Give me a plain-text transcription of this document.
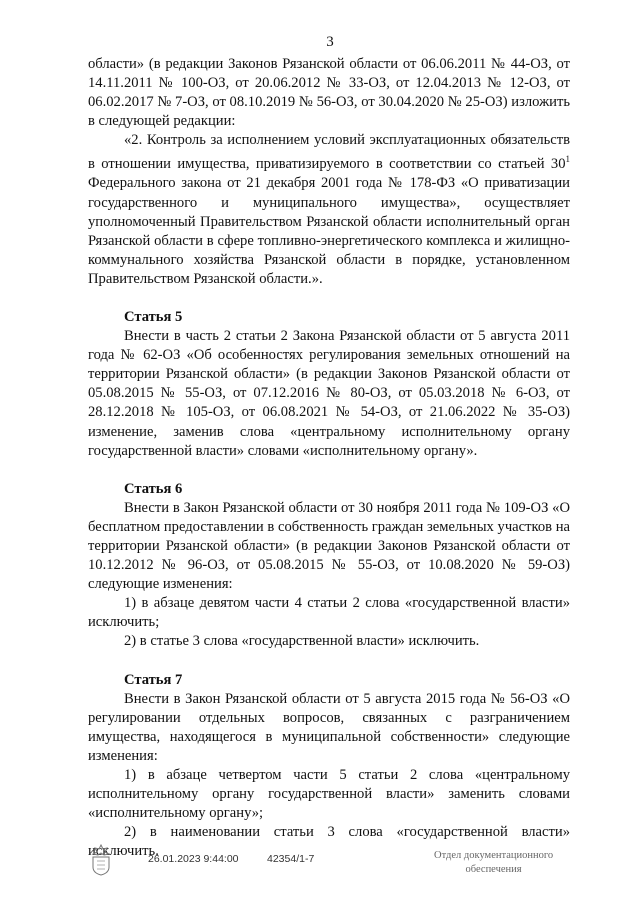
3

области» (в редакции Законов Рязанской области от 06.06.2011 № 44-ОЗ, от 14.11.2011 № 100-ОЗ, от 20.06.2012 № 33-ОЗ, от 12.04.2013 № 12-ОЗ, от 06.02.2017 № 7-ОЗ, от 08.10.2019 № 56-ОЗ, от 30.04.2020 № 25-ОЗ) изложить в следующей редакции:

«2. Контроль за исполнением условий эксплуатационных обязательств в отношении имущества, приватизируемого в соответствии со статьей $30^1$ Федерального закона от 21 декабря 2001 года № 178-ФЗ «О приватизации государственного и муниципального имущества», осуществляет уполномоченный Правительством Рязанской области исполнительный орган Рязанской области в сфере топливно-энергетического комплекса и жилищно-коммунального хозяйства Рязанской области в порядке, установленном Правительством Рязанской области.».

Статья 5

Внести в часть 2 статьи 2 Закона Рязанской области от 5 августа 2011 года № 62-ОЗ «Об особенностях регулирования земельных отношений на территории Рязанской области» (в редакции Законов Рязанской области от 05.08.2015 № 55-ОЗ, от 07.12.2016 № 80-ОЗ, от 05.03.2018 № 6-ОЗ, от 28.12.2018 № 105-ОЗ, от 06.08.2021 № 54-ОЗ, от 21.06.2022 № 35-ОЗ) изменение, заменив слова «центральному исполнительному органу государственной власти» словами «исполнительному органу».

Статья 6

Внести в Закон Рязанской области от 30 ноября 2011 года № 109-ОЗ «О бесплатном предоставлении в собственность граждан земельных участков на территории Рязанской области» (в редакции Законов Рязанской области от 10.12.2012 № 96-ОЗ, от 05.08.2015 № 55-ОЗ, от 10.08.2020 № 59-ОЗ) следующие изменения:

1) в абзаце девятом части 4 статьи 2 слова «государственной власти» исключить;

2) в статье 3 слова «государственной власти» исключить.

Статья 7

Внести в Закон Рязанской области от 5 августа 2015 года № 56-ОЗ «О регулировании отдельных вопросов, связанных с разграничением имущества, находящегося в муниципальной собственности» следующие изменения:

1) в абзаце четвертом части 5 статьи 2 слова «центральному исполнительному органу государственной власти» заменить словами «исполнительному органу»;

2) в наименовании статьи 3 слова «государственной власти» исключить.

26.01.2023 9:44:00	42354/1-7	Отдел документационного
обеспечения
